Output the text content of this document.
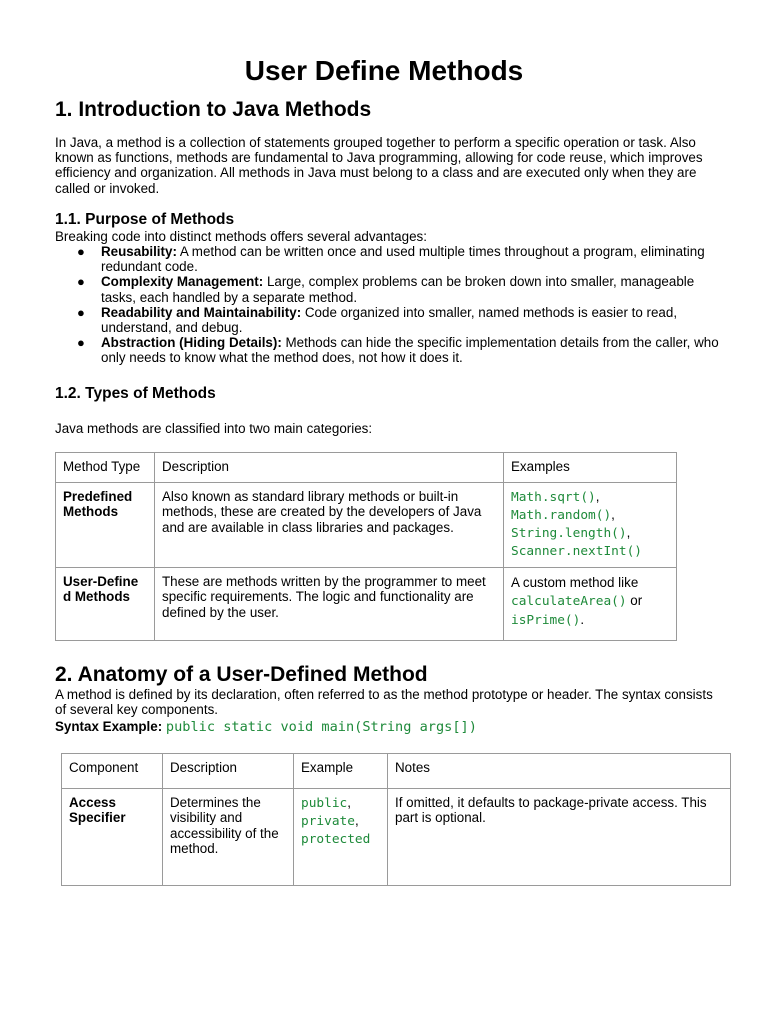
User Define Methods
1. Introduction to Java Methods

In Java, a method is a collection of statements grouped together to perform a specific operation or task. Also known as functions, methods are fundamental to Java programming, allowing for code reuse, which improves efficiency and organization. All methods in Java must belong to a class and are executed only when they are called or invoked.

1.1. Purpose of Methods

Breaking code into distinct methods offers several advantages:

● Reusability: A method can be written once and used multiple times throughout a program, eliminating redundant code.
● Complexity Management: Large, complex problems can be broken down into smaller, manageable tasks, each handled by a separate method.
● Readability and Maintainability: Code organized into smaller, named methods is easier to read, understand, and debug.
● Abstraction (Hiding Details): Methods can hide the specific implementation details from the caller, who only needs to know what the method does, not how it does it.
1.2. Types of Methods

Java methods are classified into two main categories:

Method Type	Description	Examples
Predefined Methods	Also known as standard library methods or built-in methods, these are created by the developers of Java and are available in class libraries and packages.	Math.sqrt(),
Math.random(),
String.length(),
Scanner.nextInt()
User-Define d Methods	These are methods written by the programmer to meet specific requirements. The logic and functionality are defined by the user.	A custom method like
calculateArea() or
isPrime().
2. Anatomy of a User-Defined Method

A method is defined by its declaration, often referred to as the method prototype or header. The syntax consists of several key components.

Syntax Example: public static void main(String args[])
Component	Description	Example	Notes
Access Specifier	Determines the visibility and accessibility of the method.	public,
private,
protected	If omitted, it defaults to package-private access. This part is optional.
